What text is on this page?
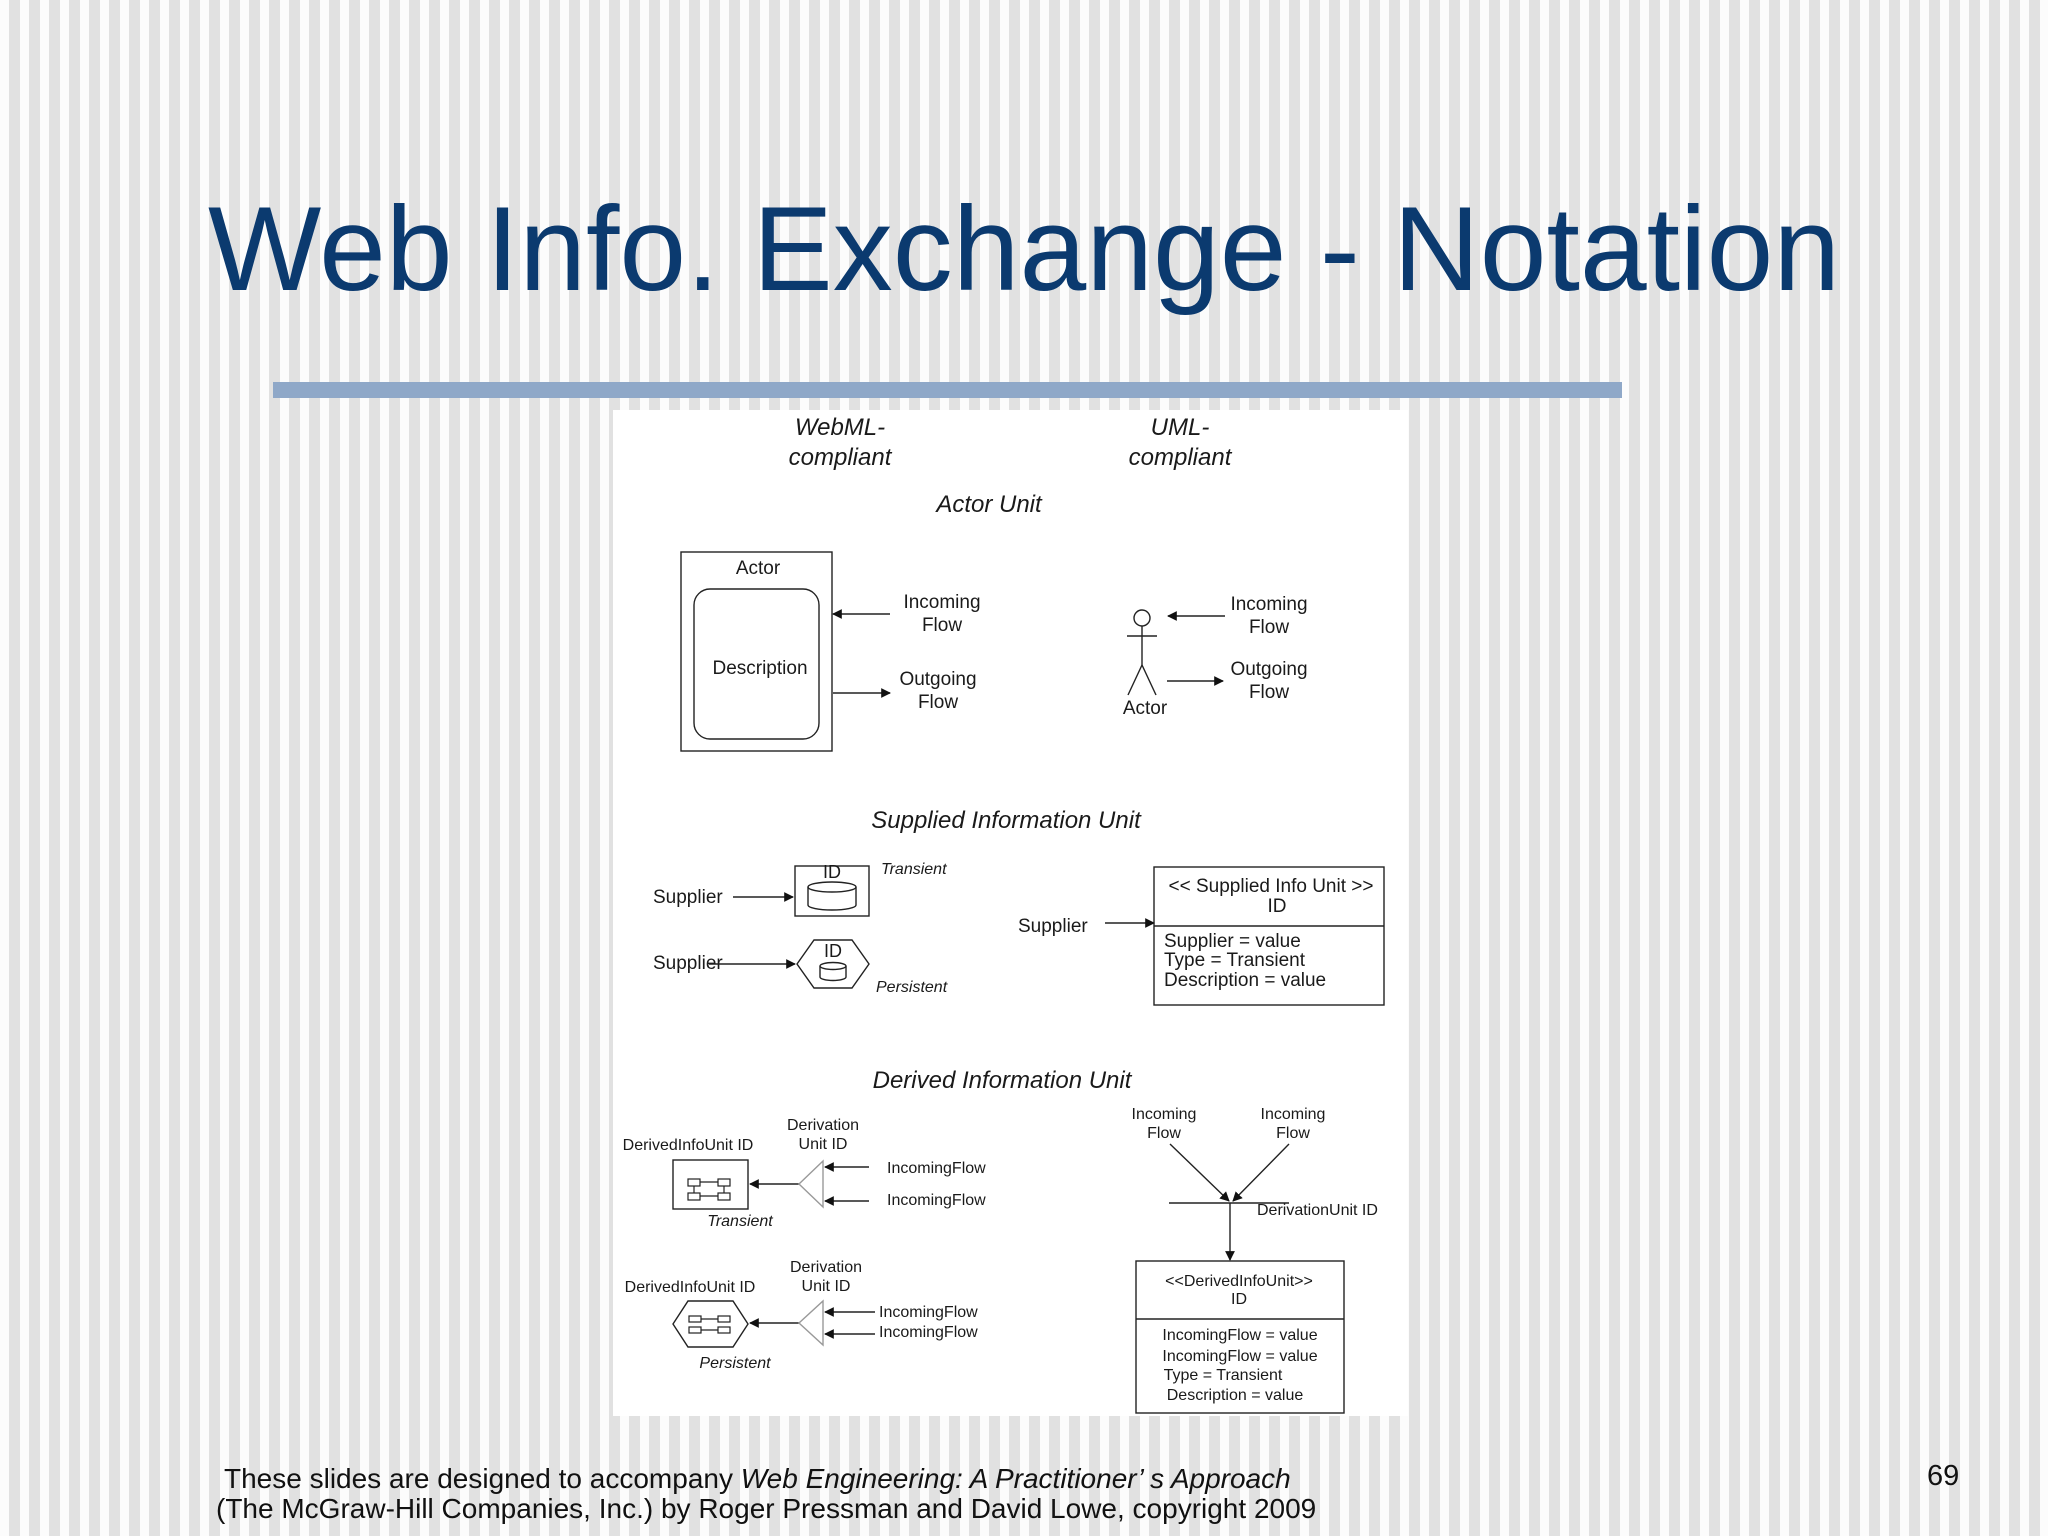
Web Info. Exchange - Notation
WebML-
compliant
UML-
compliant
Actor Unit
Actor
Description
Incoming
Flow
Outgoing
Flow	Actor
Incoming
Flow
Outgoing
Flow
Supplied Information Unit
Supplier
ID	Transient
Supplier
ID
Persistent
Supplier
<< Supplied Info Unit >>
ID
Supplier = value
Type = Transient
Description = value
Derived Information Unit
DerivedInfoUnit ID
Derivation
Unit ID
Transient
IncomingFlow
IncomingFlow
DerivedInfoUnit ID
Derivation
Unit ID
Persistent
IncomingFlow
IncomingFlow
Incoming
Flow
Incoming
Flow
DerivationUnit ID
<<DerivedInfoUnit>>
ID
IncomingFlow = value
IncomingFlow = value
Type = Transient
Description = value
These slides are designed to accompany Web Engineering: A Practitioner’ s Approach
(The McGraw-Hill Companies, Inc.) by Roger Pressman and David Lowe, copyright 2009
69
